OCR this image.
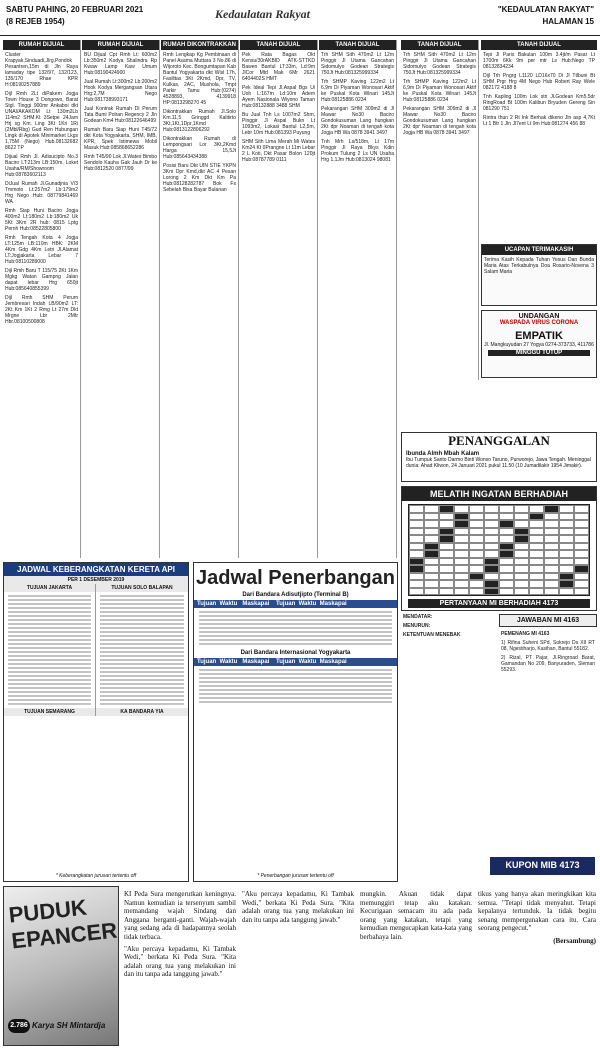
SABTU PAHING, 20 FEBRUARI 2021
(8 REJEB 1954)
Kedaulatan Rakyat	"KEDAULATAN RAKYAT"
HALAMAN 15
RUMAH DIJUAL

Cluster Krapyak,Sinduadi,Jlrg,Pondok Pesantren,15m di Jln Raya lamaday tipe 132/97, 132/123, 135/170 Rhae KPR H:08190257889

Dijl Rmh 2Lt diPakem Jogja Town House 3 Dongowo, Barat Stgl. Tinggi 900mr Ankaboi dkt UNAI/AKAKOM Lt 130m2Lb 114m2 SHM.Kt 3Setpe 24Jam Hrj sg Km. Ling 3Kt 1Kri 1Ri (2Mbl/Rbg) Gud Ren Hubungan Lingk di Apotek Minimarket Lkgs 1,75M (Nego) Hub.08132682 8622 TP

Dijual Rmh Jl. Adisucipto No.3 Baciro LT:213m LB:150m, Loket Usaha/RM/Showroom Hub:08783602113

DiJual Rumah Jl.Gunadjnia V/3 Tmmoto Lt:257m2 Lb:179m2 Hrg Nego Hub: 08779841469 WA

Rmh Siap Huni Baciro Jogja 400m2 Lt:180m2 Lb:180m2 Uk 5Kt 3Km 2R hub: 0815 Lptg Pernh Hub:08522805800

Rmh Tengah Kota 4 Jogja LT:125m LB:110m HBK: 2KM 4Km Gdg 4Km Letri Jl.Alamat LT:Jogjakarta Lebar 7 Hub:08110289000

Dijl Rmh Baru T 115/75 2Kt 1Km Mgkg Watan Gampng Jalan dapat lebar Hrg 650jt Hub:085640855399

Dijl Rmh SHM Perum Jembresari Indah LB/90m2 LT: 2Kt Km 1Kt 2 Rmg Lt 27m Dkt Mrgne Lbr 2Mtr Hbr.08100500808

RUMAH DIJUAL

BU Dijual Cpt Rmh Lt: 600m2 Lb:350m2 Kodya Shalindra Rp Kwaw Lamp Kaw Umum Hub:08190424900

Jual Rumah Lt:300m2 Lb:200m2 Hook Kodya Mergangsan Utara Hrg:2,7M Nego Hub:081738993171

Jual Kontrak Rumah Di Perum Tata Bumi Polran Regency 2 Jln Godean Km4 Hub:08122646499

Rumah Baru Siap Huni T45/72 dkt Kota Yogyakarta, SHM, IMB, KPR, Spek Istimewa Mobil Masuk Hub:085868652286

Rmh T45/90 Lok Jl.Wates Bimbo Sendolo Kauha Gak Jauh Dr ke Hub:0812520 0877/99

RUMAH DIKONTRAKKAN

Rmh Lengkap Kg Pembinaan di Panel Asama Muttara 3 No.86 di Wijoroto Kec. Bongumtapan Kab Bantul Yogyakarta dkt Wisl 17h, Fasilitas 3Kt 2Kmd, Dpr, TV, Kulkas, 2AC, Mushola, Tmpt Parkir Tamu Hub:(0274) 4528893, 4139918 HP:0813298270 45

Dikontrakkan Rumah Jl.Solo Km.11,5 Gringgd Kalitirto 3Kt,1Kt,1Dpr,1Kmd Hub:0813122806292

Dikontrakkan Rumah di Lempongsari Lor 3Kt,2Kmd Harga 15,5Jt Hub:085643434388

Posisi Baru Dkt UIN STIE YKPN 3Km Dpr Kmd,dkt AC 4 Pesan Lorong 2 Km Dkt Km Pa Hub:08128282787 Bok Fs Sebelah Bisa Bayar Bulanan

TANAH DIJUAL

Pek Rata Bagas Okt Kensu/30rAKBID ATK-STTKD Bawen Bantul LT:33m, Ld:9m JlCor Mtd Mak 6Mr 2621 6404402S HMT

Pek Ideal Tepi Jl.Aspal Bgs Ui Uoh L:167m Ld:10m Adem Ayem Nasionala Wiyono Taman Hub:08132888 3488 SHM

Bu Jual Tnh Ls 1007m2 Shm, Pinggir Jl Aspal Bukn Lt 1093m2, Lokasi Bantul L2,5m, Lebr 10m Hub:081393 Puyung

SHM Sith Lima Merah Mi Wates Km24 Kt 0Prangne Lt 11m Lebar 2 L Koti, Dkt Pasar Bolon 120jt Hub:08787789 0111

TANAH DIJUAL

Trh SHM Sith 470m2 Lt 12m Pinggir Jl Utama Gancahan Sidomulyo Godean Strategis 750Jt Hub:081325999334

Trh SHMP Kaving 122m2 Lt 6,9m Di Piyaman Wonosari Aktif ke Puskal Kota Winari 145Jt Hub:08125886 0234

Pekarangan SHM 309m2 di Jl Mawar No30 Baciro Gondokusuman Lang hungkan 2Kt dpr Noaman di tengah kota Jogja HB Wa 0878 3941 3497

Tnh Mrh Ls/518m, Lt 17m Pinggir Jl Raya Bkys Kdin Prokum Tulung 2 Ls UN Usaha Hrg 1,1Jm Hub:0813024 98081

TANAH DIJUAL

Trh SHM Sith 470m2 Lt 12m Pinggir Jl Utama Gancahan Sidomulyo Godean Strategis 750Jt Hub:081325999334

Trh SHMP Kaving 122m2 Lt 6,9m Di Piyaman Wonosari Aktif ke Puskal Kota Winari 145Jt Hub:08125886 0234

Pekarangan SHM 309m2 di Jl Mawar No30 Baciro Gondokusuman Lang hungkan 2Kt dpr Noaman di tengah kota Jogja HB Wa 0878 3941 3497

TANAH DIJUAL

Tepi Jl Paris Bakulan 100m 3.4jt/m Pasar Lt 1700m 6Kk 9m per mtr Ls Hub:Nego TP 08132834234

Dijl Trh Pngrg L1120 LD16x70 Di Jl Ttlbuni Bt SHM Prgr Hrg 4M Nego Hub Robert Ray Wele 082172 4188 8

Tnh Kapling 100m Lok stri Jl.Godean Km5.5dr RingRoad Bt 100m Kalibun Bryuden Gereng Sin 081290 751

Rintra thun 2 Rt Ink Berhak dikeno Jln asp 4,7Kt Lt 1 Btr 1 Jln Jl7ent Lt 9m Hub:081274 456 88

UCAPAN TERIMAKASIH
Terima Kasih Kepada Tuhan Yesus Dan Bunda Maria Atas Terkabulnya Doa Rosario-Novena 3 Salam Maria
UNDANGAN
WASPADA VIRUS CORONA
EMPATIK
Jl. Mangkuyudan 27 Yogya 0274-373733, 411786
MINGGU TUTUP
PENANGGALAN
Ibunda Almh Mbah Kalam
Ibu Tumpuk Santo Darmo Binti Wonso Taruno, Purworejo, Jawa Tengah. Meninggal dunia: Ahad Kliwon, 24 Januari 2021 pukul 11.50 (10 Jumadilakir 1954 Jimakir).
MELATIH INGATAN BERHADIAH
PERTANYAAN MI BERHADIAH 4173

MENDATAR:

MENURUN:

KETENTUAN MENEBAK

JAWABAN MI 4163

PEMENANG MI 4163

1) Rifina Suheni SPd, Sokrejo Ds XII RT 08, Ngestiharjo, Kasihan, Bantul 55182.

2) Rizal, PT Pajar, Jl.Ringroad Barat, Gamandan No 209, Banyuraden, Sleman 55293.

KUPON MIB 4173
JADWAL KEBERANGKATAN KERETA API
PER 1 DESEMBER 2019
TUJUAN JAKARTA
TUJUAN SEMARANG
TUJUAN SOLO BALAPAN
KA BANDARA YIA
* Keberangkatan jurusan tertentu off
Jadwal Penerbangan
Dari Bandara Adisutjipto (Terminal B)
Tujuan  Waktu   Maskapai    Tujuan  Waktu  Maskapai
Dari Bandara Internasional Yogyakarta
Tujuan  Waktu   Maskapai    Tujuan  Waktu  Maskapai
* Penerbangan jurusan tertentu off
PUDUK EPANCER
2.786 Karya SH Mintardja

KI Peda Sura mengerutkan keningnya. Namun kemudian ia tersenyum sambil memandang wajah Sindang dan Anggana berganti-ganti. Wajah-wajah yang sedang ada di hadapannya seolah tidak terbaca.

"Aku percaya kepadamu, Ki Tambak Wedi," berkata Ki Peda Sura. "Kita adalah orang tua yang melakukan ini dan itu tanpa ada tanggung jawab."

"Aku percaya kepadamu, Ki Tambak Wedi," berkata Ki Peda Sura. "Kita adalah orang tua yang melakukan ini dan itu tanpa ada tanggung jawab."

mungkin. Akuan tidak dapat memunggiri tetap aku katakan. Kecurigaan semacam itu ada pada orang yang katakan, tetapi yang kemudian mengucapkan kata-kata yang berbahaya lain.

tikus yang hanya akan meringkikan kita semua. "Tetapi tidak menyahut. Tetapi kepalanya tertunduk. Ia tidak begitu senang mempergunakan cara itu. Cara seorang pengecut."

(Bersambung)
